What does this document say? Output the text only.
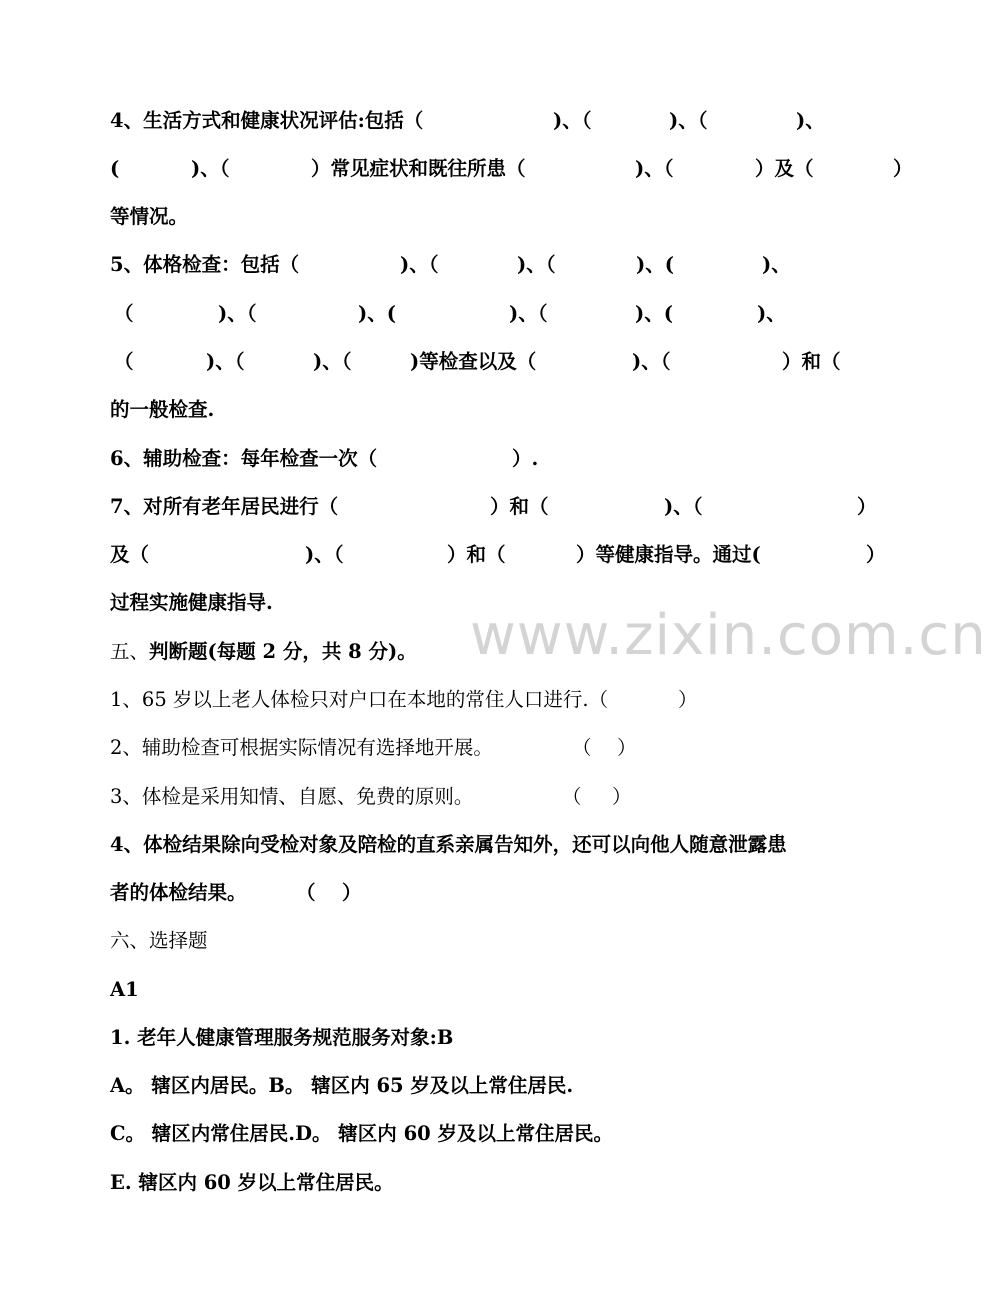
www.zixin.com.cn
4、生活方式和健康状况评估:包括（	)、（	)、（	)、
(	)、（	）常见症状和既往所患（	)、（	）及（	）
等情况。
5、体格检查：包括（	)、（	)、（	)、(	)、
（	)、（	)、(	)、（	)、(	)、
（	)、（	)、（	)等检查以及（	)、（	）和（
的一般检查.
6、辅助检查：每年检查一次（	）.
7、对所有老年居民进行（	）和（	)、（	）
及（	)、（	）和（	）等健康指导。通过(	）
过程实施健康指导.
五、 判断题(每题 2 分，共 8 分)。
1、65 岁以上老人体检只对户口在本地的常住人口进行.（	）
2、辅助检查可根据实际情况有选择地开展。	（ ）
3、体检是采用知情、自愿、免费的原则。	（ ）
4、体检结果除向受检对象及陪检的直系亲属告知外，还可以向他人随意泄露患
者的体检结果。	（ ）
六、选择题
A1
1. 老年人健康管理服务规范服务对象:B
A。 辖区内居民。B。 辖区内 65 岁及以上常住居民.
C。 辖区内常住居民.D。 辖区内 60 岁及以上常住居民。
E. 辖区内 60 岁以上常住居民。
